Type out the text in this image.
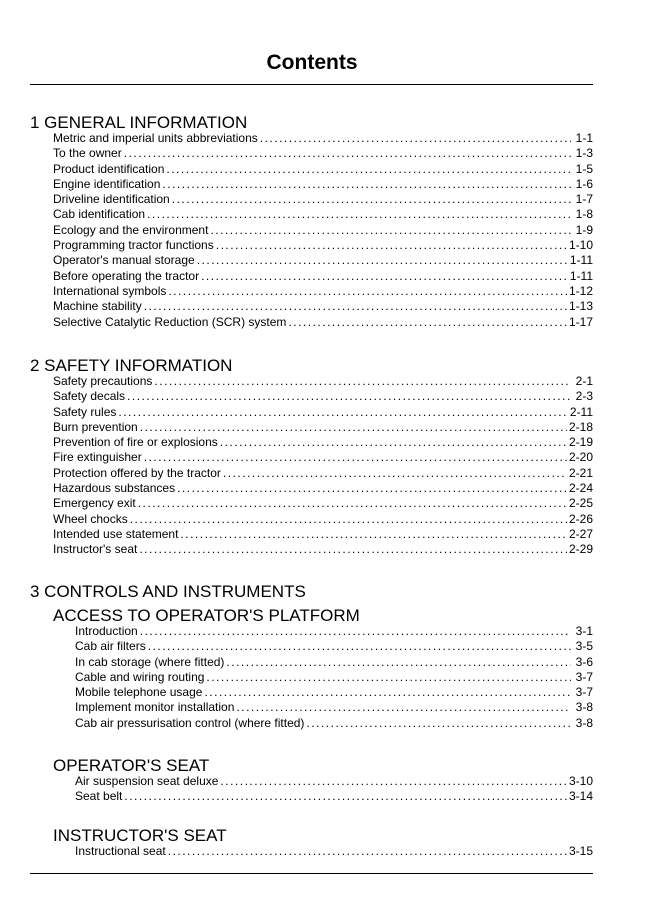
Contents
1 GENERAL INFORMATION
Metric and imperial units abbreviations .....	1-1
To the owner .....	1-3
Product identification .....	1-5
Engine identification .....	1-6
Driveline identification .....	1-7
Cab identification .....	1-8
Ecology and the environment .....	1-9
Programming tractor functions .....	1-10
Operator's manual storage .....	1-11
Before operating the tractor .....	1-11
International symbols .....	1-12
Machine stability .....	1-13
Selective Catalytic Reduction (SCR) system .....	1-17
2 SAFETY INFORMATION
Safety precautions .....	2-1
Safety decals .....	2-3
Safety rules .....	2-11
Burn prevention .....	2-18
Prevention of fire or explosions .....	2-19
Fire extinguisher .....	2-20
Protection offered by the tractor .....	2-21
Hazardous substances .....	2-24
Emergency exit .....	2-25
Wheel chocks .....	2-26
Intended use statement .....	2-27
Instructor's seat .....	2-29
3 CONTROLS AND INSTRUMENTS
ACCESS TO OPERATOR'S PLATFORM
Introduction .....	3-1
Cab air filters .....	3-5
In cab storage (where fitted) .....	3-6
Cable and wiring routing .....	3-7
Mobile telephone usage .....	3-7
Implement monitor installation .....	3-8
Cab air pressurisation control (where fitted) .....	3-8
OPERATOR'S SEAT
Air suspension seat deluxe .....	3-10
Seat belt .....	3-14
INSTRUCTOR'S SEAT
Instructional seat .....	3-15
